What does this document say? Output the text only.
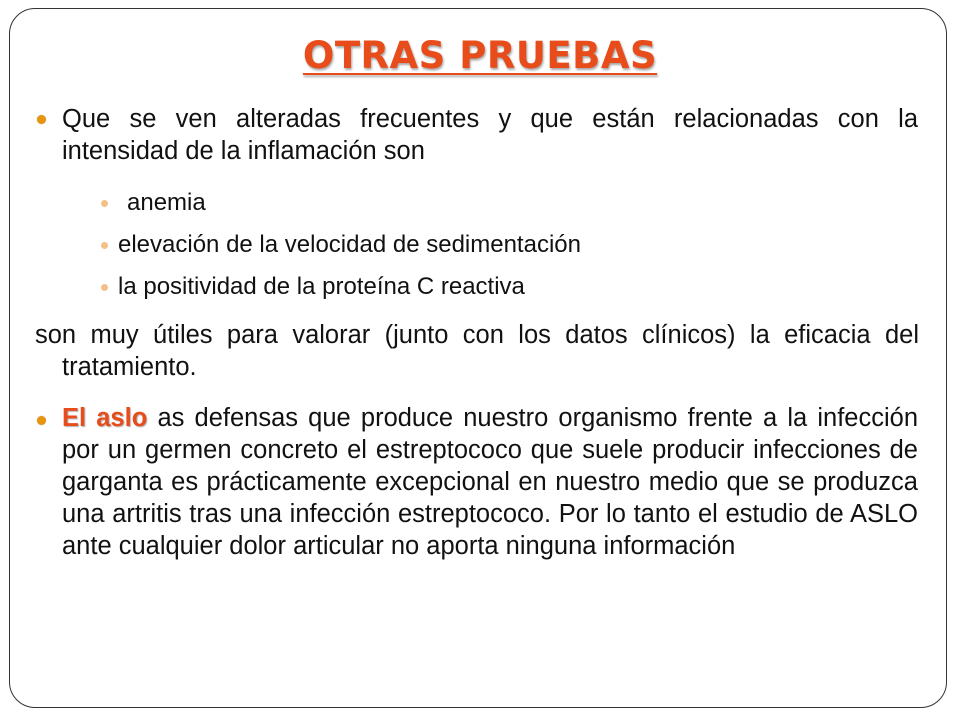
OTRAS PRUEBAS
Que se ven alteradas frecuentes y que están relacionadas con la intensidad de la inflamación son
anemia
elevación de la velocidad de sedimentación
la positividad de la proteína C reactiva
son muy útiles para valorar (junto con los datos clínicos) la eficacia del tratamiento.
El aslo as defensas que produce nuestro organismo frente a la infección por un germen concreto el estreptococo que suele producir infecciones de garganta es prácticamente excepcional en nuestro medio que se produzca una artritis tras una infección estreptococo. Por lo tanto el estudio de ASLO ante cualquier dolor articular no aporta ninguna información
